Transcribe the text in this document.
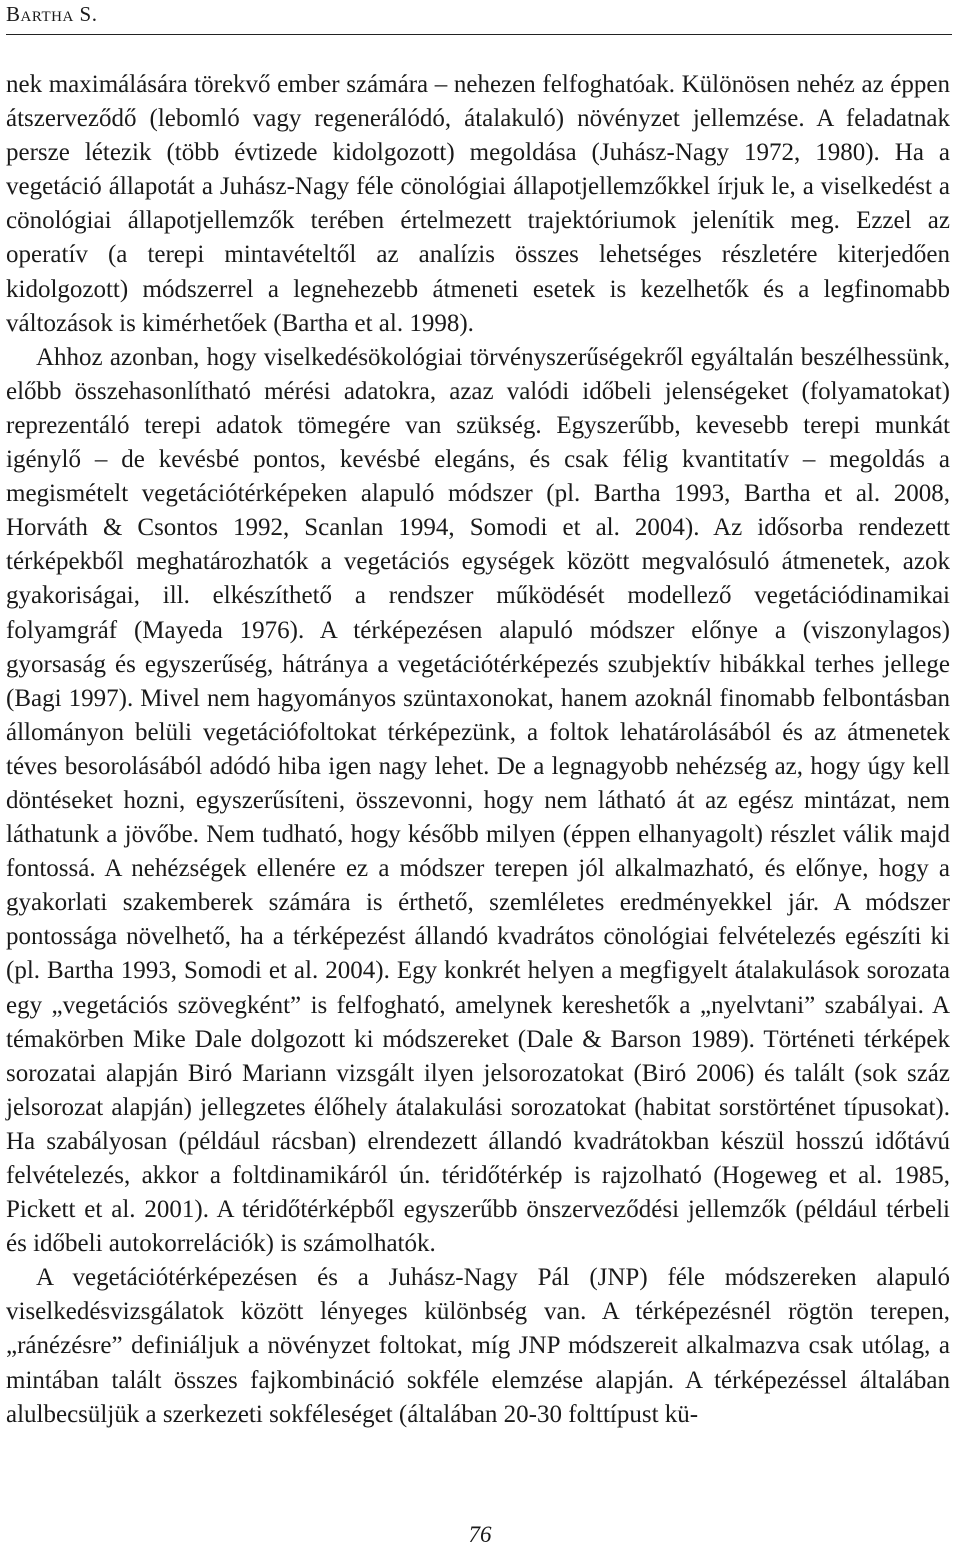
Bartha S.

nek maximálására törekvő ember számára – nehezen felfoghatóak. Különösen nehéz az éppen átszerveződő (lebomló vagy regenerálódó, átalakuló) növényzet jellemzése. A feladatnak persze létezik (több évtizede kidolgozott) megoldása (Juhász-Nagy 1972, 1980). Ha a vegetáció állapotát a Juhász-Nagy féle cönológiai állapotjellemzőkkel írjuk le, a viselkedést a cönológiai állapotjellemzők terében értelmezett trajektóriumok jelenítik meg. Ezzel az operatív (a terepi mintavételtől az analízis összes lehetséges részletére kiterjedően kidolgozott) módszerrel a legnehezebb átmeneti esetek is kezelhetők és a legfinomabb változások is kimérhetőek (Bartha et al. 1998).

Ahhoz azonban, hogy viselkedésökológiai törvényszerűségekről egyáltalán beszélhessünk, előbb összehasonlítható mérési adatokra, azaz valódi időbeli jelenségeket (folyamatokat) reprezentáló terepi adatok tömegére van szükség. Egyszerűbb, kevesebb terepi munkát igénylő – de kevésbé pontos, kevésbé elegáns, és csak félig kvantitatív – megoldás a megismételt vegetációtérképeken alapuló módszer (pl. Bartha 1993, Bartha et al. 2008, Horváth & Csontos 1992, Scanlan 1994, Somodi et al. 2004). Az idősorba rendezett térképekből meghatározhatók a vegetációs egységek között megvalósuló átmenetek, azok gyakoriságai, ill. elkészíthető a rendszer működését modellező vegetációdinamikai folyamgráf (Mayeda 1976). A térképezésen alapuló módszer előnye a (viszonylagos) gyorsaság és egyszerűség, hátránya a vegetációtérképezés szubjektív hibákkal terhes jellege (Bagi 1997). Mivel nem hagyományos szüntaxonokat, hanem azoknál finomabb felbontásban állományon belüli vegetációfoltokat térképezünk, a foltok lehatárolásából és az átmenetek téves besorolásából adódó hiba igen nagy lehet. De a legnagyobb nehézség az, hogy úgy kell döntéseket hozni, egyszerűsíteni, összevonni, hogy nem látható át az egész mintázat, nem láthatunk a jövőbe. Nem tudható, hogy később milyen (éppen elhanyagolt) részlet válik majd fontossá. A nehézségek ellenére ez a módszer terepen jól alkalmazható, és előnye, hogy a gyakorlati szakemberek számára is érthető, szemléletes eredményekkel jár. A módszer pontossága növelhető, ha a térképezést állandó kvadrátos cönológiai felvételezés egészíti ki (pl. Bartha 1993, Somodi et al. 2004). Egy konkrét helyen a megfigyelt átalakulások sorozata egy „vegetációs szövegként” is felfogható, amelynek kereshetők a „nyelvtani” szabályai. A témakörben Mike Dale dolgozott ki módszereket (Dale & Barson 1989). Történeti térképek sorozatai alapján Biró Mariann vizsgált ilyen jelsorozatokat (Biró 2006) és talált (sok száz jelsorozat alapján) jellegzetes élőhely átalakulási sorozatokat (habitat sorstörténet típusokat). Ha szabályosan (például rácsban) elrendezett állandó kvadrátokban készül hosszú időtávú felvételezés, akkor a foltdinamikáról ún. téridőtérkép is rajzolható (Hogeweg et al. 1985, Pickett et al. 2001). A téridőtérképből egyszerűbb önszerveződési jellemzők (például térbeli és időbeli autokorrelációk) is számolhatók.

A vegetációtérképezésen és a Juhász-Nagy Pál (JNP) féle módszereken alapuló viselkedésvizsgálatok között lényeges különbség van. A térképezésnél rögtön terepen, „ránézésre” definiáljuk a növényzet foltokat, míg JNP módszereit alkalmazva csak utólag, a mintában talált összes fajkombináció sokféle elemzése alapján. A térképezéssel általában alulbecsüljük a szerkezeti sokféleséget (általában 20-30 folttípust kü-

76
